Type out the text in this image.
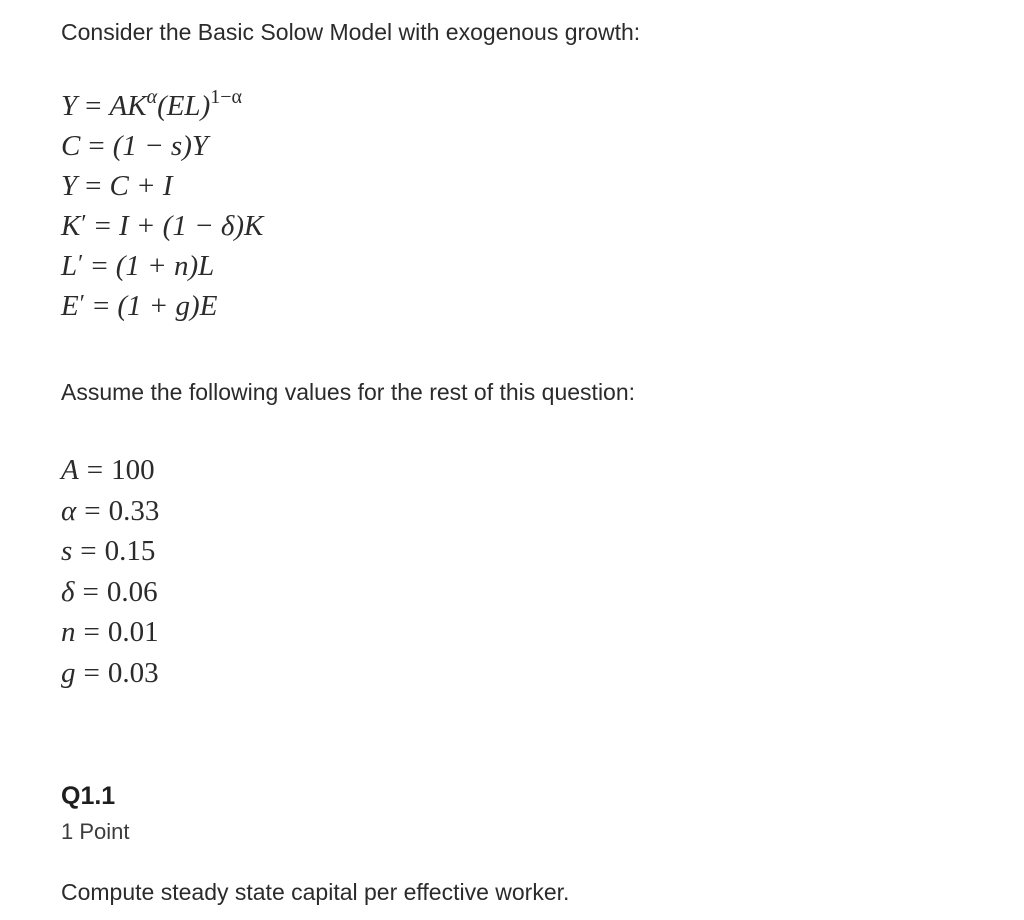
Consider the Basic Solow Model with exogenous growth:
$Y = AK^\alpha(EL)^{1-\alpha}$
C = (1 − s)Y
Y = C + I
K′ = I + (1 − δ)K
L′ = (1 + n)L
E′ = (1 + g)E
Assume the following values for the rest of this question:
A = 100
α = 0.33
s = 0.15
δ = 0.06
n = 0.01
g = 0.03
Q1.1
1 Point
Compute steady state capital per effective worker.
